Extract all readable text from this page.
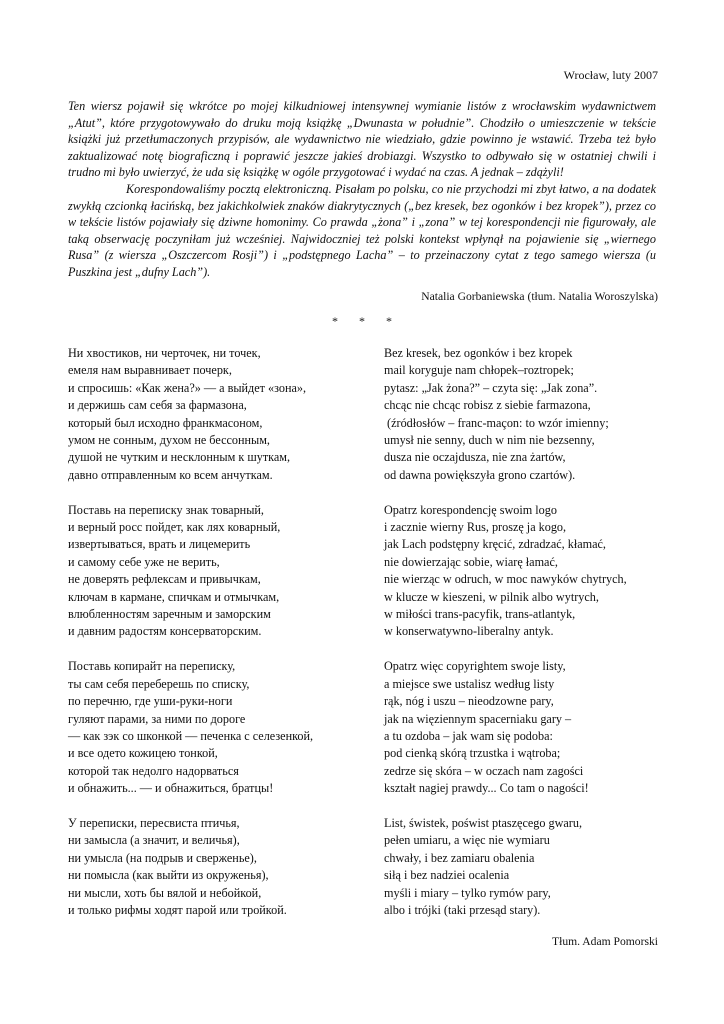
Wrocław, luty 2007

Ten wiersz pojawił się wkrótce po mojej kilkudniowej intensywnej wymianie listów z wrocławskim wydawnictwem „Atut”, które przygotowywało do druku moją książkę „Dwunasta w południe”. Chodziło o umieszczenie w tekście książki już przetłumaczonych przypisów, ale wydawnictwo nie wiedziało, gdzie powinno je wstawić. Trzeba też było zaktualizować notę biograficzną i poprawić jeszcze jakieś drobiazgi. Wszystko to odbywało się w ostatniej chwili i trudno mi było uwierzyć, że uda się książkę w ogóle przygotować i wydać na czas. A jednak – zdążyli!

Korespondowaliśmy pocztą elektroniczną. Pisałam po polsku, co nie przychodzi mi zbyt łatwo, a na dodatek zwykłą czcionką łacińską, bez jakichkolwiek znaków diakrytycznych („bez kresek, bez ogonków i bez kropek”), przez co w tekście listów pojawiały się dziwne homonimy. Co prawda „żona” i „zona” w tej korespondencji nie figurowały, ale taką obserwację poczyniłam już wcześniej. Najwidoczniej też polski kontekst wpłynął na pojawienie się „wiernego Rusa” (z wiersza „Oszczercom Rosji”) i „podstępnego Lacha” – to przeinaczony cytat z tego samego wiersza (u Puszkina jest „dufny Lach”).

Natalia Gorbaniewska (tłum. Natalia Woroszylska)
* * *
Ни хвостиков, ни черточек, ни точек,
емеля нам выравнивает почерк,
и спросишь: «Как жена?» — а выйдет «зона»,
и держишь сам себя за фармазона,
который был исходно франкмасоном,
умом не сонным, духом не бессонным,
душой не чутким и несклонным к шуткам,
давно отправленным ко всем анчуткам.
Поставь на переписку знак товарный,
и верный росс пойдет, как лях коварный,
извертываться, врать и лицемерить
и самому себе уже не верить,
не доверять рефлексам и привычкам,
ключам в кармане, спичкам и отмычкам,
влюбленностям заречным и заморским
и давним радостям консерваторским.
Поставь копирайт на переписку,
ты сам себя переберешь по списку,
по перечню, где уши-руки-ноги
гуляют парами, за ними по дороге
— как зэк со шконкой — печенка с селезенкой,
и все одето кожицею тонкой,
которой так недолго надорваться
и обнажить... — и обнажиться, братцы!
У переписки, пересвиста птичья,
ни замысла (а значит, и величья),
ни умысла (на подрыв и сверженье),
ни помысла (как выйти из окруженья),
ни мысли, хоть бы вялой и небойкой,
и только рифмы ходят парой или тройкой.
Bez kresek, bez ogonków i bez kropek
mail koryguje nam chłopek–roztropek;
pytasz: „Jak żona?” – czyta się: „Jak zona”.
chcąc nie chcąc robisz z siebie farmazona,
(źródłosłów – franc-maçon: to wzór imienny;
umysł nie senny, duch w nim nie bezsenny,
dusza nie oczajdusza, nie zna żartów,
od dawna powiększyła grono czartów).
Opatrz korespondencję swoim logo
i zacznie wierny Rus, proszę ja kogo,
jak Lach podstępny kręcić, zdradzać, kłamać,
nie dowierzając sobie, wiarę łamać,
nie wierząc w odruch, w moc nawyków chytrych,
w klucze w kieszeni, w pilnik albo wytrych,
w miłości trans-pacyfik, trans-atlantyk,
w konserwatywno-liberalny antyk.
Opatrz więc copyrightem swoje listy,
a miejsce swe ustalisz według listy
rąk, nóg i uszu – nieodzowne pary,
jak na więziennym spacerniaku gary –
a tu ozdoba – jak wam się podoba:
pod cienką skórą trzustka i wątroba;
zedrze się skóra – w oczach nam zagości
kształt nagiej prawdy... Co tam o nagości!
List, świstek, poświst ptaszęcego gwaru,
pełen umiaru, a więc nie wymiaru
chwały, i bez zamiaru obalenia
siłą i bez nadziei ocalenia
myśli i miary – tylko rymów pary,
albo i trójki (taki przesąd stary).
Tłum. Adam Pomorski
